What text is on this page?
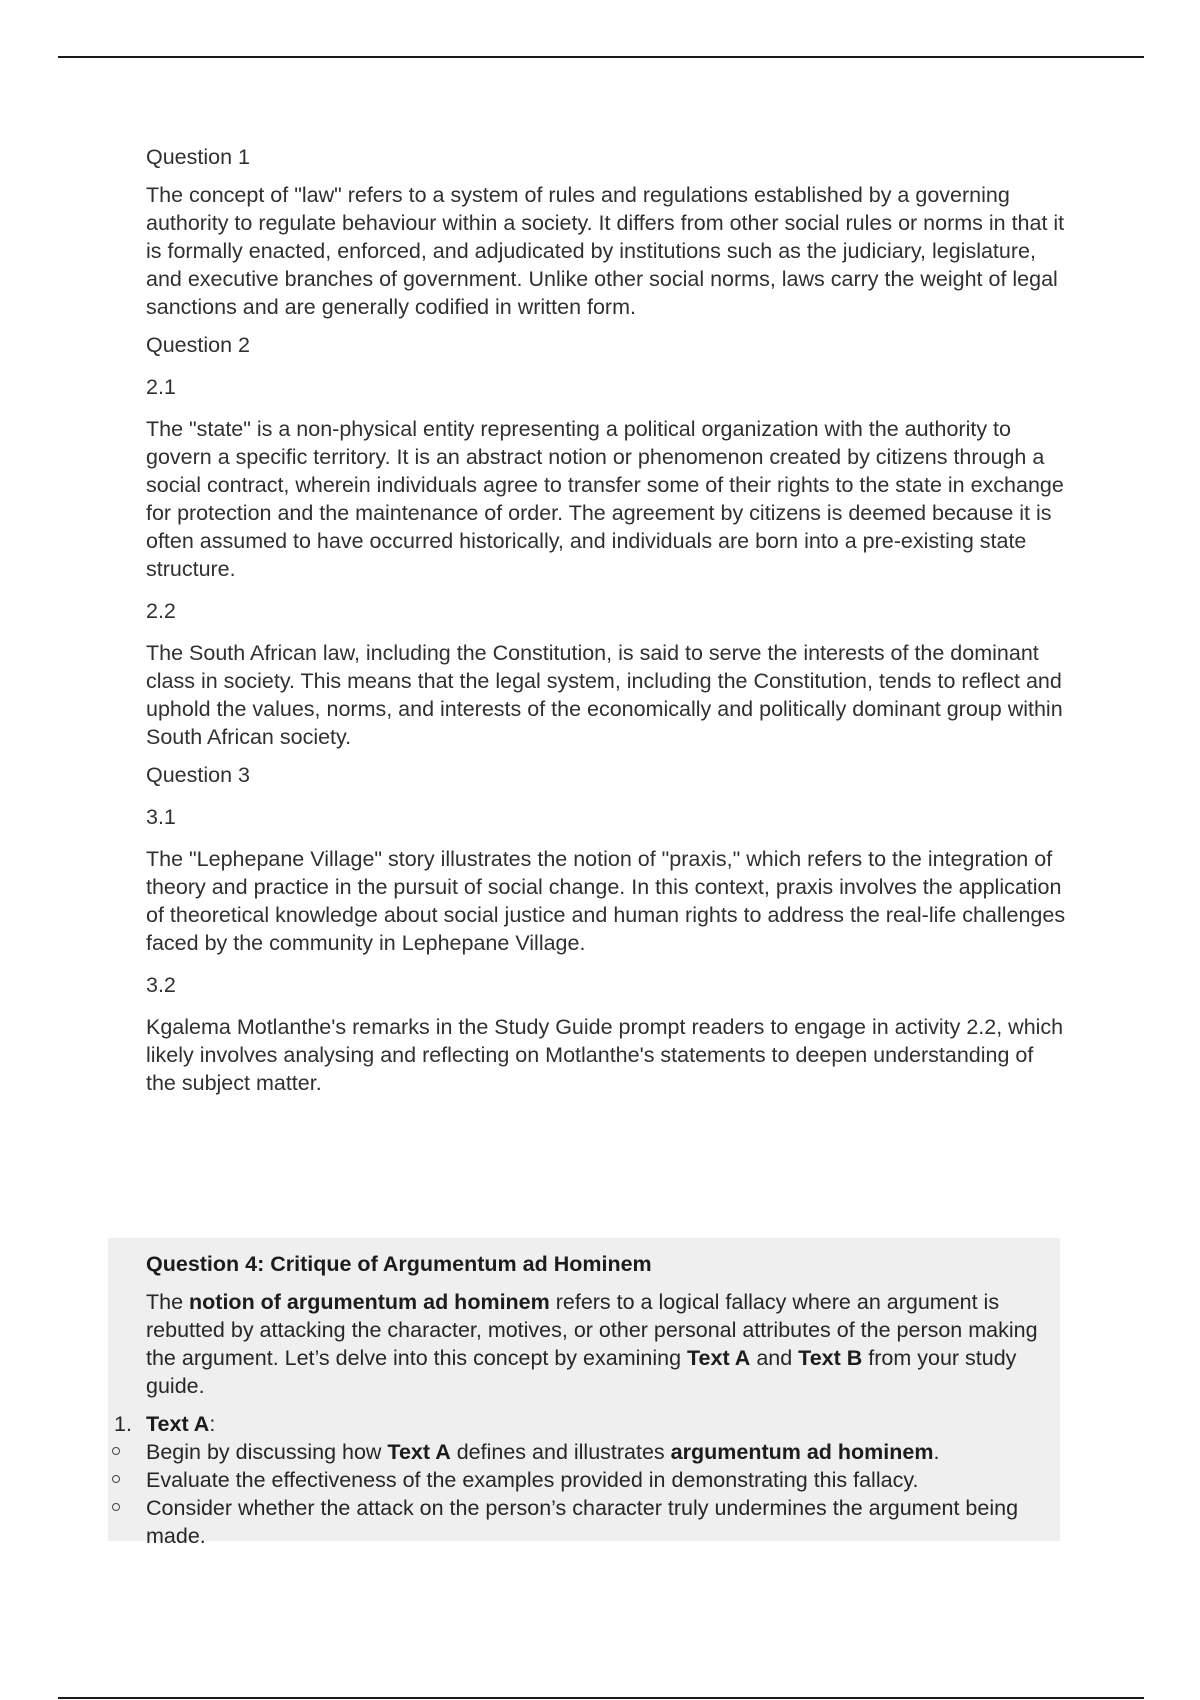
Question 1

The concept of "law" refers to a system of rules and regulations established by a governing authority to regulate behaviour within a society. It differs from other social rules or norms in that it is formally enacted, enforced, and adjudicated by institutions such as the judiciary, legislature, and executive branches of government. Unlike other social norms, laws carry the weight of legal sanctions and are generally codified in written form.

Question 2

2.1

The "state" is a non-physical entity representing a political organization with the authority to govern a specific territory. It is an abstract notion or phenomenon created by citizens through a social contract, wherein individuals agree to transfer some of their rights to the state in exchange for protection and the maintenance of order. The agreement by citizens is deemed because it is often assumed to have occurred historically, and individuals are born into a pre-existing state structure.

2.2

The South African law, including the Constitution, is said to serve the interests of the dominant class in society. This means that the legal system, including the Constitution, tends to reflect and uphold the values, norms, and interests of the economically and politically dominant group within South African society.

Question 3

3.1

The "Lephepane Village" story illustrates the notion of "praxis," which refers to the integration of theory and practice in the pursuit of social change. In this context, praxis involves the application of theoretical knowledge about social justice and human rights to address the real-life challenges faced by the community in Lephepane Village.

3.2

Kgalema Motlanthe's remarks in the Study Guide prompt readers to engage in activity 2.2, which likely involves analysing and reflecting on Motlanthe's statements to deepen understanding of the subject matter.

Question 4: Critique of Argumentum ad Hominem

The notion of argumentum ad hominem refers to a logical fallacy where an argument is rebutted by attacking the character, motives, or other personal attributes of the person making the argument. Let’s delve into this concept by examining Text A and Text B from your study guide.

1. Text A:
Begin by discussing how Text A defines and illustrates argumentum ad hominem.
Evaluate the effectiveness of the examples provided in demonstrating this fallacy.
Consider whether the attack on the person’s character truly undermines the argument being made.
